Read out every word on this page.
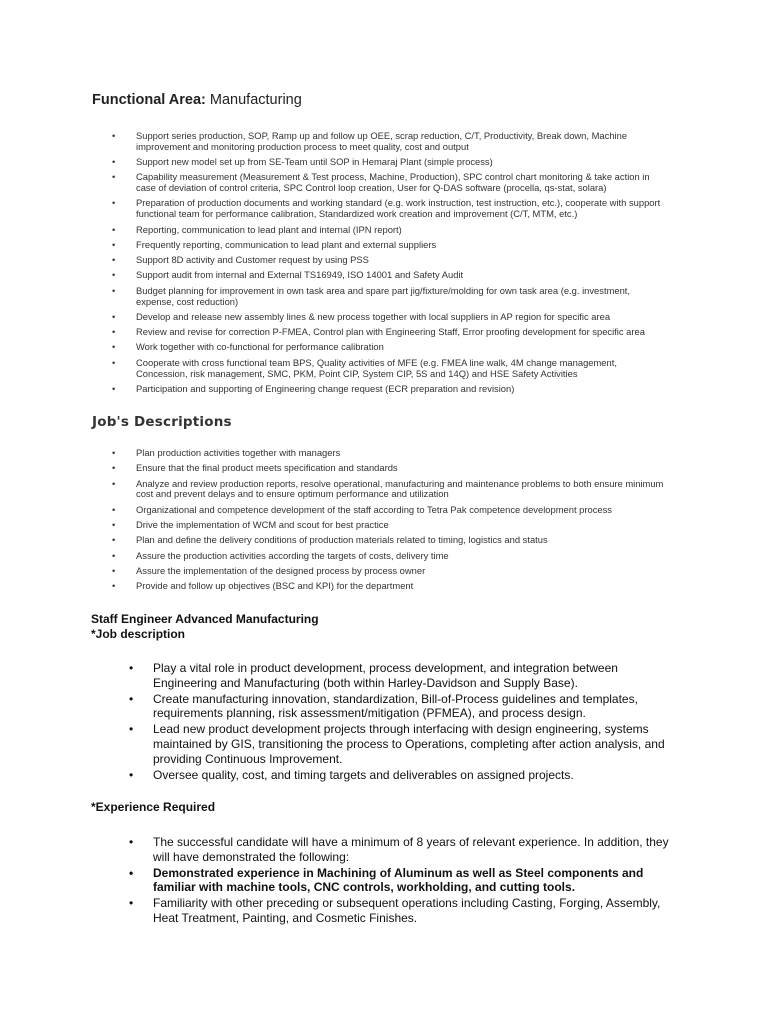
Functional Area: Manufacturing
• Support series production, SOP, Ramp up and follow up OEE, scrap reduction, C/T, Productivity, Break down, Machine improvement and monitoring production process to meet quality, cost and output
• Support new model set up from SE-Team until SOP in Hemaraj Plant (simple process)
• Capability measurement (Measurement & Test process, Machine, Production), SPC control chart monitoring & take action in case of deviation of control criteria, SPC Control loop creation, User for Q-DAS software (procella, qs-stat, solara)
• Preparation of production documents and working standard (e.g. work instruction, test instruction, etc.), cooperate with support functional team for performance calibration, Standardized work creation and improvement (C/T, MTM, etc.)
• Reporting, communication to lead plant and internal (IPN report)
• Frequently reporting, communication to lead plant and external suppliers
• Support 8D activity and Customer request by using PSS
• Support audit from internal and External TS16949, ISO 14001 and Safety Audit
• Budget planning for improvement in own task area and spare part jig/fixture/molding for own task area (e.g. investment, expense, cost reduction)
• Develop and release new assembly lines & new process together with local suppliers in AP region for specific area
• Review and revise for correction P-FMEA, Control plan with Engineering Staff, Error proofing development for specific area
• Work together with co-functional for performance calibration
• Cooperate with cross functional team BPS, Quality activities of MFE (e.g. FMEA line walk, 4M change management, Concession, risk management, SMC, PKM, Point CIP, System CIP, 5S and 14Q) and HSE Safety Activities
• Participation and supporting of Engineering change request (ECR preparation and revision)
Job's Descriptions
• Plan production activities together with managers
• Ensure that the final product meets specification and standards
• Analyze and review production reports, resolve operational, manufacturing and maintenance problems to both ensure minimum cost and prevent delays and to ensure optimum performance and utilization
• Organizational and competence development of the staff according to Tetra Pak competence development process
• Drive the implementation of WCM and scout for best practice
• Plan and define the delivery conditions of production materials related to timing, logistics and status
• Assure the production activities according the targets of costs, delivery time
• Assure the implementation of the designed process by process owner
• Provide and follow up objectives (BSC and KPI) for the department
Staff Engineer Advanced Manufacturing
*Job description
• Play a vital role in product development, process development, and integration between Engineering and Manufacturing (both within Harley-Davidson and Supply Base).
• Create manufacturing innovation, standardization, Bill-of-Process guidelines and templates, requirements planning, risk assessment/mitigation (PFMEA), and process design.
• Lead new product development projects through interfacing with design engineering, systems maintained by GIS, transitioning the process to Operations, completing after action analysis, and providing Continuous Improvement.
• Oversee quality, cost, and timing targets and deliverables on assigned projects.
*Experience Required
• The successful candidate will have a minimum of 8 years of relevant experience. In addition, they will have demonstrated the following:
• Demonstrated experience in Machining of Aluminum as well as Steel components and familiar with machine tools, CNC controls, workholding, and cutting tools.
• Familiarity with other preceding or subsequent operations including Casting, Forging, Assembly, Heat Treatment, Painting, and Cosmetic Finishes.
